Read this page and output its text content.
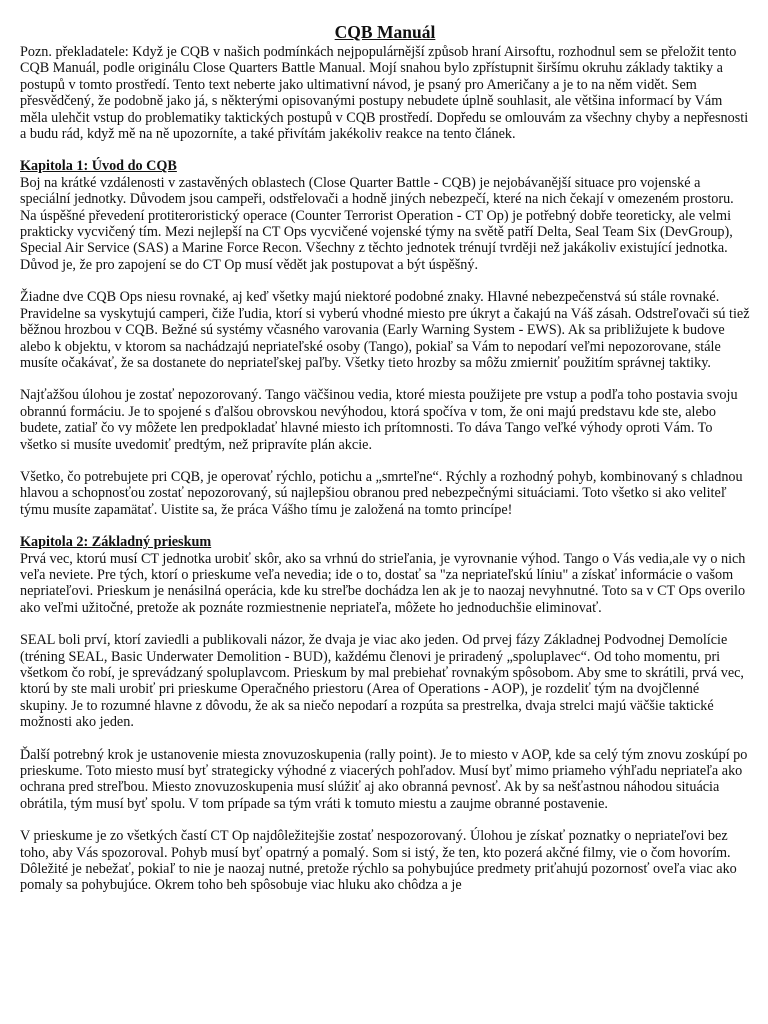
CQB Manuál

Pozn. překladatele: Když je CQB v našich podmínkách nejpopulárnější způsob hraní Airsoftu, rozhodnul sem se přeložit tento CQB Manuál, podle originálu Close Quarters Battle Manual. Mojí snahou bylo zpřístupnit širšímu okruhu základy taktiky a postupů v tomto prostředí. Tento text neberte jako ultimativní návod, je psaný pro Američany a je to na něm vidět. Sem přesvědčený, že podobně jako já, s některými opisovanými postupy nebudete úplně souhlasit, ale většina informací by Vám měla ulehčit vstup do problematiky taktických postupů v CQB prostředí. Dopředu se omlouvám za všechny chyby a nepřesnosti a budu rád, když mě na ně upozorníte, a také přivítám jakékoliv reakce na tento článek.

Kapitola 1: Úvod do CQB

Boj na krátké vzdálenosti v zastavěných oblastech (Close Quarter Battle - CQB) je nejobávanější situace pro vojenské a speciální jednotky. Důvodem jsou campeři, odstřelovači a hodně jiných nebezpečí, které na nich čekají v omezeném prostoru. Na úspěšné převedení protiteroristický operace (Counter Terrorist Operation - CT Op) je potřebný dobře teoreticky, ale velmi prakticky vycvičený tím. Mezi nejlepší na CT Ops vycvičené vojenské týmy na světě patří Delta, Seal Team Six (DevGroup), Special Air Service (SAS) a Marine Force Recon. Všechny z těchto jednotek trénují tvrději než jakákoliv existující jednotka. Důvod je, že pro zapojení se do CT Op musí vědět jak postupovat a být úspěšný.

Žiadne dve CQB Ops niesu rovnaké, aj keď všetky majú niektoré podobné znaky. Hlavné nebezpečenstvá sú stále rovnaké. Pravidelne sa vyskytujú camperi, čiže ľudia, ktorí si vyberú vhodné miesto pre úkryt a čakajú na Váš zásah. Odstreľovači sú tiež běžnou hrozbou v CQB. Bežné sú systémy včasného varovania (Early Warning System - EWS). Ak sa približujete k budove alebo k objektu, v ktorom sa nachádzajú nepriateľské osoby (Tango), pokiaľ sa Vám to nepodarí veľmi nepozorovane, stále musíte očakávať, že sa dostanete do nepriateľskej paľby. Všetky tieto hrozby sa môžu zmierniť použitím správnej taktiky.

Najťažšou úlohou je zostať nepozorovaný. Tango väčšinou vedia, ktoré miesta použijete pre vstup a podľa toho postavia svoju obrannú formáciu. Je to spojené s ďalšou obrovskou nevýhodou, ktorá spočíva v tom, že oni majú predstavu kde ste, alebo budete, zatiaľ čo vy môžete len predpokladať hlavné miesto ich prítomnosti. To dáva Tango veľké výhody oproti Vám. To všetko si musíte uvedomiť predtým, než pripravíte plán akcie.

Všetko, čo potrebujete pri CQB, je operovať rýchlo, potichu a „smrteľne“. Rýchly a rozhodný pohyb, kombinovaný s chladnou hlavou a schopnosťou zostať nepozorovaný, sú najlepšiou obranou pred nebezpečnými situáciami. Toto všetko si ako veliteľ týmu musíte zapamätať. Uistite sa, že práca Vášho tímu je založená na tomto princípe!

Kapitola 2: Základný prieskum

Prvá vec, ktorú musí CT jednotka urobiť skôr, ako sa vrhnú do strieľania, je vyrovnanie výhod. Tango o Vás vedia,ale vy o nich veľa neviete. Pre tých, ktorí o prieskume veľa nevedia; ide o to, dostať sa "za nepriateľskú líniu" a získať informácie o vašom nepriateľovi. Prieskum je nenásilná operácia, kde ku streľbe dochádza len ak je to naozaj nevyhnutné. Toto sa v CT Ops overilo ako veľmi užitočné, pretože ak poznáte rozmiestnenie nepriateľa, môžete ho jednoduchšie eliminovať.

SEAL boli prví, ktorí zaviedli a publikovali názor, že dvaja je viac ako jeden. Od prvej fázy Základnej Podvodnej Demolície (tréning SEAL, Basic Underwater Demolition - BUD), každému členovi je priradený „spoluplavec“. Od toho momentu, pri všetkom čo robí, je sprevádzaný spoluplavcom. Prieskum by mal prebiehať rovnakým spôsobom. Aby sme to skrátili, prvá vec, ktorú by ste mali urobiť pri prieskume Operačného priestoru (Area of Operations - AOP), je rozdeliť tým na dvojčlenné skupiny. Je to rozumné hlavne z dôvodu, že ak sa niečo nepodarí a rozpúta sa prestrelka, dvaja strelci majú väčšie taktické možnosti ako jeden.

Ďalší potrebný krok je ustanovenie miesta znovuzoskupenia (rally point). Je to miesto v AOP, kde sa celý tým znovu zoskúpí po prieskume. Toto miesto musí byť strategicky výhodné z viacerých pohľadov. Musí byť mimo priameho výhľadu nepriateľa ako ochrana pred streľbou. Miesto znovuzoskupenia musí slúžiť aj ako obranná pevnosť. Ak by sa nešťastnou náhodou situácia obrátila, tým musí byť spolu. V tom prípade sa tým vráti k tomuto miestu a zaujme obranné postavenie.

V prieskume je zo všetkých častí CT Op najdôležitejšie zostať nespozorovaný. Úlohou je získať poznatky o nepriateľovi bez toho, aby Vás spozoroval. Pohyb musí byť opatrný a pomalý. Som si istý, že ten, kto pozerá akčné filmy, vie o čom hovorím. Dôležité je nebežať, pokiaľ to nie je naozaj nutné, pretože rýchlo sa pohybujúce predmety priťahujú pozornosť oveľa viac ako pomaly sa pohybujúce. Okrem toho beh spôsobuje viac hluku ako chôdza a je
